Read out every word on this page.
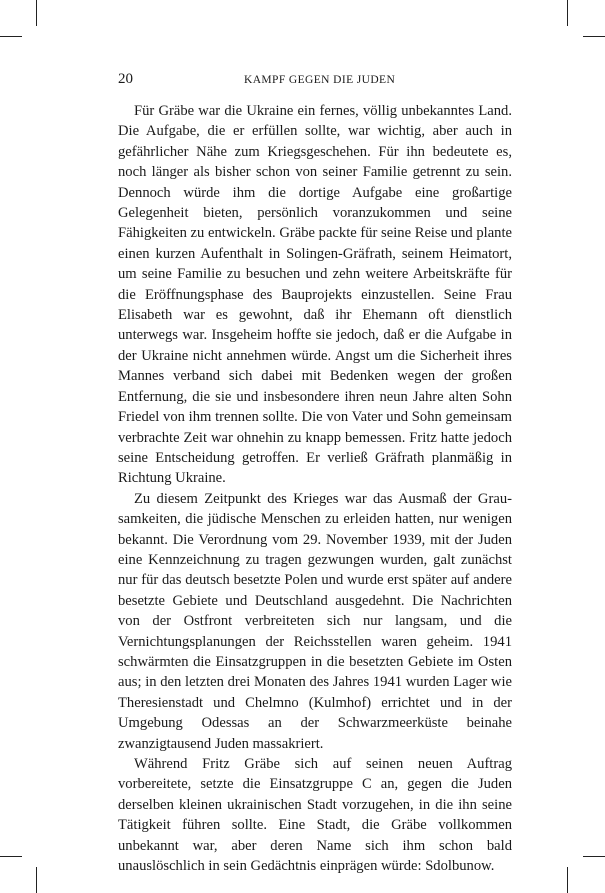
20	KAMPF GEGEN DIE JUDEN

Für Gräbe war die Ukraine ein fernes, völlig unbekanntes Land. Die Aufgabe, die er erfüllen sollte, war wichtig, aber auch in gefährlicher Nähe zum Kriegsgeschehen. Für ihn bedeutete es, noch länger als bisher schon von seiner Familie getrennt zu sein. Dennoch würde ihm die dortige Aufgabe eine großartige Gelegenheit bieten, persönlich voranzukommen und seine Fähigkeiten zu entwickeln. Gräbe packte für seine Reise und plante einen kurzen Aufenthalt in Solingen-Gräfrath, seinem Heimatort, um seine Familie zu besuchen und zehn weitere Arbeitskräfte für die Eröffnungsphase des Bauprojekts einzustellen. Seine Frau Elisabeth war es gewohnt, daß ihr Ehemann oft dienstlich unterwegs war. Insgeheim hoffte sie jedoch, daß er die Aufgabe in der Ukraine nicht annehmen würde. Angst um die Sicherheit ihres Mannes verband sich dabei mit Bedenken wegen der großen Entfernung, die sie und insbesondere ihren neun Jahre alten Sohn Friedel von ihm trennen sollte. Die von Vater und Sohn gemeinsam verbrachte Zeit war ohnehin zu knapp bemessen. Fritz hatte jedoch seine Entscheidung getroffen. Er verließ Gräfrath planmäßig in Richtung Ukraine.

Zu diesem Zeitpunkt des Krieges war das Ausmaß der Grausamkeiten, die jüdische Menschen zu erleiden hatten, nur wenigen bekannt. Die Verordnung vom 29. November 1939, mit der Juden eine Kennzeichnung zu tragen gezwungen wurden, galt zunächst nur für das deutsch besetzte Polen und wurde erst später auf andere besetzte Gebiete und Deutschland ausgedehnt. Die Nachrichten von der Ostfront verbreiteten sich nur langsam, und die Vernichtungsplanungen der Reichsstellen waren geheim. 1941 schwärmten die Einsatzgruppen in die besetzten Gebiete im Osten aus; in den letzten drei Monaten des Jahres 1941 wurden Lager wie Theresienstadt und Chelmno (Kulmhof) errichtet und in der Umgebung Odessas an der Schwarzmeerküste beinahe zwanzigtausend Juden massakriert.

Während Fritz Gräbe sich auf seinen neuen Auftrag vorbereitete, setzte die Einsatzgruppe C an, gegen die Juden derselben kleinen ukrainischen Stadt vorzugehen, in die ihn seine Tätigkeit führen sollte. Eine Stadt, die Gräbe vollkommen unbekannt war, aber deren Name sich ihm schon bald unauslöschlich in sein Gedächtnis einprägen würde: Sdolbunow.
